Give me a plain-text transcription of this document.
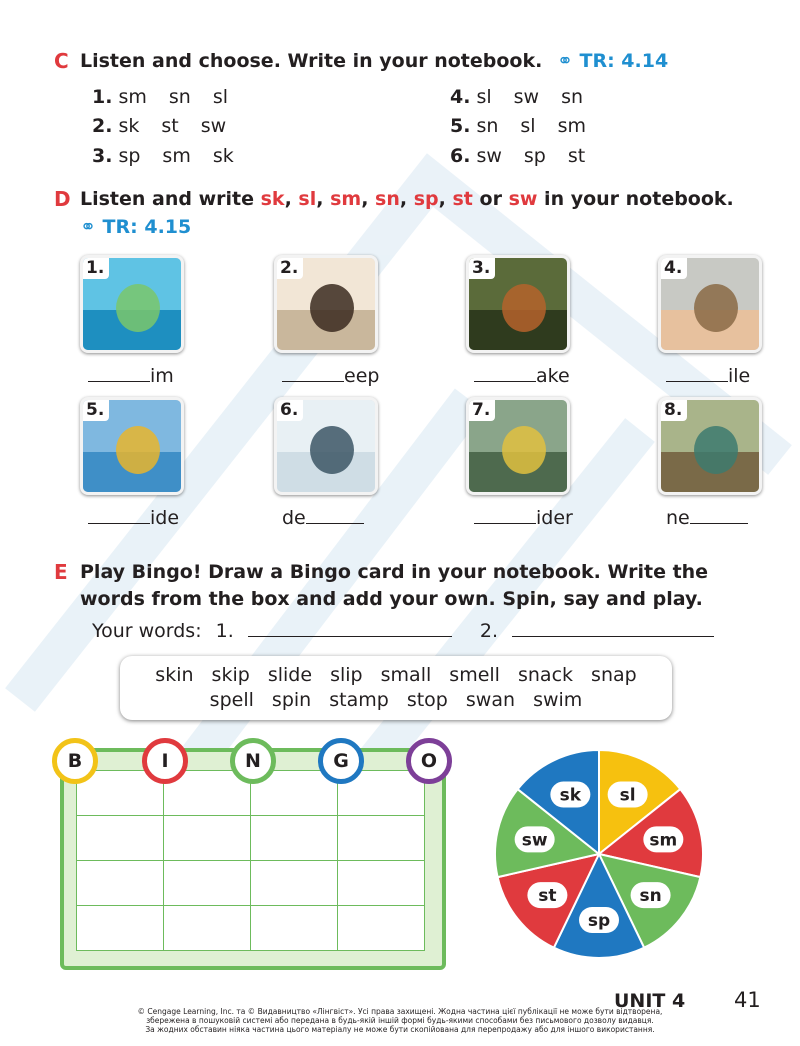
C Listen and choose. Write in your notebook. ⚭ TR: 4.14
1. sm sn sl
2. sk st sw
3. sp sm sk
4. sl sw sn
5. sn sl sm
6. sw sp st
D Listen and write sk, sl, sm, sn, sp, st or sw in your notebook.
⚭ TR: 4.15
1.
im
2.
eep
3.
ake
4.
ile
5.
ide
6.
de
7.
ider
8.
ne
E Play Bingo! Draw a Bingo card in your notebook. Write the
words from the box and add your own. Spin, say and play.
Your words: 1.	2.
skin skip slide slip small smell snack snap
spell spin stamp stop swan swim

B	I	N	G	O
sl
sm
sn
sp
st
sw
sk
UNIT 4 41
© Cengage Learning, Inc. та © Видавництво «Лінгвіст». Усі права захищені. Жодна частина цієї публікації не може бути відтворена,
збережена в пошуковій системі або передана в будь-якій іншій формі будь-якими способами без письмового дозволу видавця.
За жодних обставин ніяка частина цього матеріалу не може бути скопійована для перепродажу або для іншого використання.
